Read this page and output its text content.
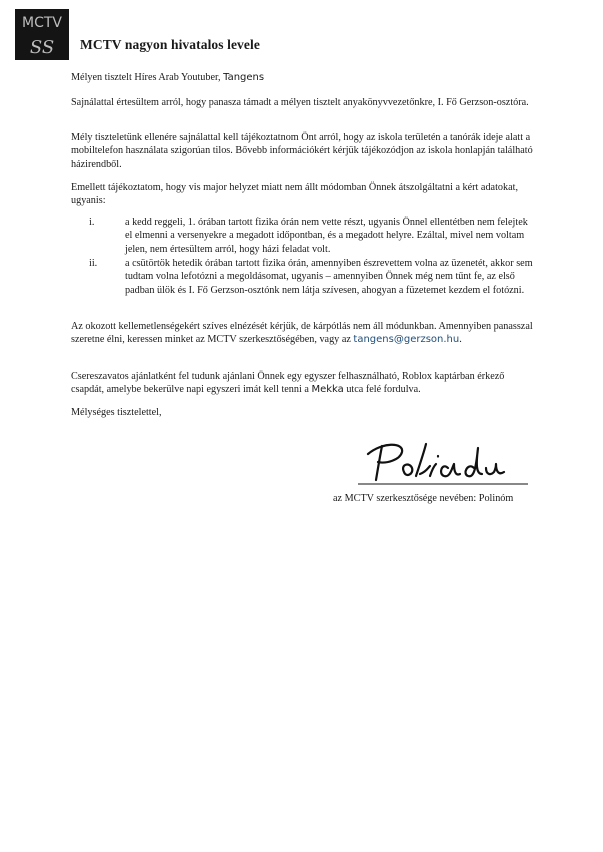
MCTV
SS MCTV nagyon hivatalos levele

Mélyen tisztelt Híres Arab Youtuber, Tangens

Sajnálattal értesültem arról, hogy panasza támadt a mélyen tisztelt anyakönyvvezetőnkre, I. Fő Gerzson-osztóra.

Mély tiszteletünk ellenére sajnálattal kell tájékoztatnom Önt arról, hogy az iskola területén a tanórák ideje alatt a mobiltelefon használata szigorúan tilos. Bővebb információkért kérjük tájékozódjon az iskola honlapján található házirendből.

Emellett tájékoztatom, hogy vis major helyzet miatt nem állt módomban Önnek átszolgáltatni a kért adatokat, ugyanis:

i.	a kedd reggeli, 1. órában tartott fizika órán nem vette részt, ugyanis Önnel ellentétben nem felejtek el elmenni a versenyekre a megadott időpontban, és a megadott helyre. Ezáltal, mivel nem voltam jelen, nem értesültem arról, hogy házi feladat volt.
ii.	a csütörtök hetedik órában tartott fizika órán, amennyiben észrevettem volna az üzenetét, akkor sem tudtam volna lefotózni a megoldásomat, ugyanis – amennyiben Önnek még nem tűnt fe, az első padban ülök és I. Fő Gerzson-osztónk nem látja szívesen, ahogyan a füzetemet kezdem el fotózni.

Az okozott kellemetlenségekért szíves elnézését kérjük, de kárpótlás nem áll módunkban. Amennyiben panasszal szeretne élni, keressen minket az MCTV szerkesztőségében, vagy az tangens@gerzson.hu.

Csereszavatos ajánlatként fel tudunk ajánlani Önnek egy egyszer felhasználható, Roblox kaptárban érkező csapdát, amelybe bekerülve napi egyszeri imát kell tenni a Mekka utca felé fordulva.

Mélységes tisztelettel,

az MCTV szerkesztősége nevében: Polinóm
